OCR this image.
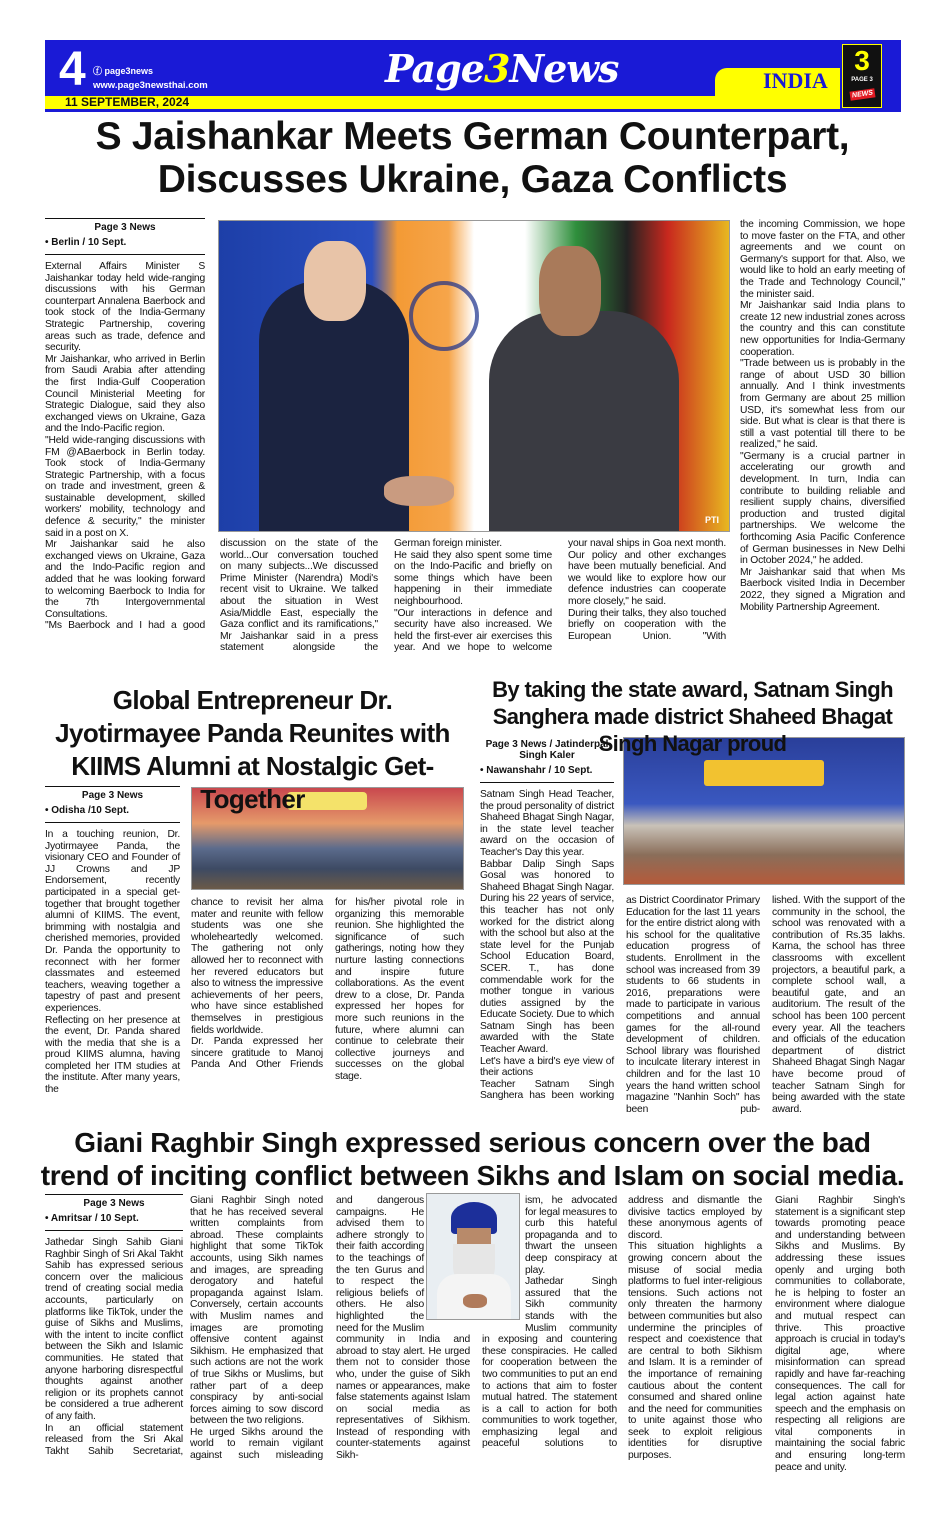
4 ⓕ page3news
www.page3newsthai.com
11 SEPTEMBER, 2024
Page3News	INDIA
3
PAGE 3
NEWS
S Jaishankar Meets German Counterpart, Discusses Ukraine, Gaza Conflicts
Page 3 News
• Berlin / 10 Sept.

External Affairs Minister S Jaishankar today held wide-ranging discussions with his German counterpart Annalena Baerbock and took stock of the India-Germany Strategic Partnership, covering areas such as trade, defence and security.

Mr Jaishankar, who arrived in Berlin from Saudi Arabia after attending the first India-Gulf Cooperation Council Ministerial Meeting for Strategic Dialogue, said they also exchanged views on Ukraine, Gaza and the Indo-Pacific region.

"Held wide-ranging discussions with FM @ABaerbock in Berlin today. Took stock of India-Germany Strategic Partnership, with a focus on trade and investment, green & sustainable development, skilled workers' mobility, technology and defence & security," the minister said in a post on X.

Mr Jaishankar said he also exchanged views on Ukraine, Gaza and the Indo-Pacific region and added that he was looking forward to welcoming Baerbock to India for the 7th Intergovernmental Consultations.

"Ms Baerbock and I had a good

PTI

discussion on the state of the world...Our conversation touched on many subjects...We discussed Prime Minister (Narendra) Modi's recent visit to Ukraine. We talked about the situation in West Asia/Middle East, especially the Gaza conflict and its ramifications," Mr Jaishankar said in a press statement alongside the

German foreign minister.

He said they also spent some time on the Indo-Pacific and briefly on some things which have been happening in their immediate neighbourhood.

"Our interactions in defence and security have also increased. We held the first-ever air exercises this year. And we hope to welcome

your naval ships in Goa next month. Our policy and other exchanges have been mutually beneficial. And we would like to explore how our defence industries can cooperate more closely," he said.

During their talks, they also touched briefly on cooperation with the European Union. "With

the incoming Commission, we hope to move faster on the FTA, and other agreements and we count on Germany's support for that. Also, we would like to hold an early meeting of the Trade and Technology Council," the minister said.

Mr Jaishankar said India plans to create 12 new industrial zones across the country and this can constitute new opportunities for India-Germany cooperation.

"Trade between us is probably in the range of about USD 30 billion annually. And I think investments from Germany are about 25 million USD, it's somewhat less from our side. But what is clear is that there is still a vast potential till there to be realized," he said.

"Germany is a crucial partner in accelerating our growth and development. In turn, India can contribute to building reliable and resilient supply chains, diversified production and trusted digital partnerships. We welcome the forthcoming Asia Pacific Conference of German businesses in New Delhi in October 2024," he added.

Mr Jaishankar said that when Ms Baerbock visited India in December 2022, they signed a Migration and Mobility Partnership Agreement.

Global Entrepreneur Dr. Jyotirmayee Panda Reunites with KIIMS Alumni at Nostalgic Get-Together
Page 3 News
• Odisha /10 Sept.

In a touching reunion, Dr. Jyotirmayee Panda, the visionary CEO and Founder of JJ Crowns and JP Endorsement, recently participated in a special get-together that brought together alumni of KIIMS. The event, brimming with nostalgia and cherished memories, provided Dr. Panda the opportunity to reconnect with her former classmates and esteemed teachers, weaving together a tapestry of past and present experiences.

Reflecting on her presence at the event, Dr. Panda shared with the media that she is a proud KIIMS alumna, having completed her ITM studies at the institute. After many years, the

chance to revisit her alma mater and reunite with fellow students was one she wholeheartedly welcomed. The gathering not only allowed her to reconnect with her revered educators but also to witness the impressive achievements of her peers, who have since established themselves in prestigious fields worldwide.

Dr. Panda expressed her sincere gratitude to Manoj Panda And Other Friends

for his/her pivotal role in organizing this memorable reunion. She highlighted the significance of such gatherings, noting how they nurture lasting connections and inspire future collaborations. As the event drew to a close, Dr. Panda expressed her hopes for more such reunions in the future, where alumni can continue to celebrate their collective journeys and successes on the global stage.

By taking the state award, Satnam Singh Sanghera made district Shaheed Bhagat Singh Nagar proud
Page 3 News / Jatinderpal Singh Kaler
• Nawanshahr / 10 Sept.

Satnam Singh Head Teacher, the proud personality of district Shaheed Bhagat Singh Nagar, in the state level teacher award on the occasion of Teacher's Day this year.

Babbar Dalip Singh Saps Gosal was honored to Shaheed Bhagat Singh Nagar. During his 22 years of service, this teacher has not only worked for the district along with the school but also at the state level for the Punjab School Education Board, SCER. T., has done commendable work for the mother tongue in various duties assigned by the Educate Society. Due to which Satnam Singh has been awarded with the State Teacher Award.

Let's have a bird's eye view of their actions

Teacher Satnam Singh Sanghera has been working

as District Coordinator Primary Education for the last 11 years for the entire district along with his school for the qualitative education progress of students. Enrollment in the school was increased from 39 students to 66 students in 2016, preparations were made to participate in various competitions and annual games for the all-round development of children. School library was flourished to inculcate literary interest in children and for the last 10 years the hand written school magazine "Nanhin Soch" has been pub-

lished. With the support of the community in the school, the school was renovated with a contribution of Rs.35 lakhs. Karna, the school has three classrooms with excellent projectors, a beautiful park, a complete school wall, a beautiful gate, and an auditorium. The result of the school has been 100 percent every year. All the teachers and officials of the education department of district Shaheed Bhagat Singh Nagar have become proud of teacher Satnam Singh for being awarded with the state award.

Giani Raghbir Singh expressed serious concern over the bad trend of inciting conflict between Sikhs and Islam on social media.
Page 3 News
• Amritsar / 10 Sept.

Jathedar Singh Sahib Giani Raghbir Singh of Sri Akal Takht Sahib has expressed serious concern over the malicious trend of creating social media accounts, particularly on platforms like TikTok, under the guise of Sikhs and Muslims, with the intent to incite conflict between the Sikh and Islamic communities. He stated that anyone harboring disrespectful thoughts against another religion or its prophets cannot be considered a true adherent of any faith.

In an official statement released from the Sri Akal Takht Sahib Secretariat,

Giani Raghbir Singh noted that he has received several written complaints from abroad. These complaints highlight that some TikTok accounts, using Sikh names and images, are spreading derogatory and hateful propaganda against Islam. Conversely, certain accounts with Muslim names and images are promoting offensive content against Sikhism. He emphasized that such actions are not the work of true Sikhs or Muslims, but rather part of a deep conspiracy by anti-social forces aiming to sow discord between the two religions.

He urged Sikhs around the world to remain vigilant against such misleading

and dangerous campaigns. He advised them to adhere strongly to their faith according to the teachings of the ten Gurus and to respect the religious beliefs of others. He also highlighted the need for the Muslim community in India and abroad to stay alert. He urged them not to consider those who, under the guise of Sikh names or appearances, make false statements against Islam on social media as representatives of Sikhism. Instead of responding with counter-statements against Sikh-

ism, he advocated for legal measures to curb this hateful propaganda and to thwart the unseen deep conspiracy at play.

Jathedar Singh assured that the Sikh community stands with the Muslim community in exposing and countering these conspiracies. He called for cooperation between the two communities to put an end to actions that aim to foster mutual hatred. The statement is a call to action for both communities to work together, emphasizing legal and peaceful solutions to

address and dismantle the divisive tactics employed by these anonymous agents of discord.

This situation highlights a growing concern about the misuse of social media platforms to fuel inter-religious tensions. Such actions not only threaten the harmony between communities but also undermine the principles of respect and coexistence that are central to both Sikhism and Islam. It is a reminder of the importance of remaining cautious about the content consumed and shared online and the need for communities to unite against those who seek to exploit religious identities for disruptive purposes.

Giani Raghbir Singh's statement is a significant step towards promoting peace and understanding between Sikhs and Muslims. By addressing these issues openly and urging both communities to collaborate, he is helping to foster an environment where dialogue and mutual respect can thrive. This proactive approach is crucial in today's digital age, where misinformation can spread rapidly and have far-reaching consequences. The call for legal action against hate speech and the emphasis on respecting all religions are vital components in maintaining the social fabric and ensuring long-term peace and unity.
